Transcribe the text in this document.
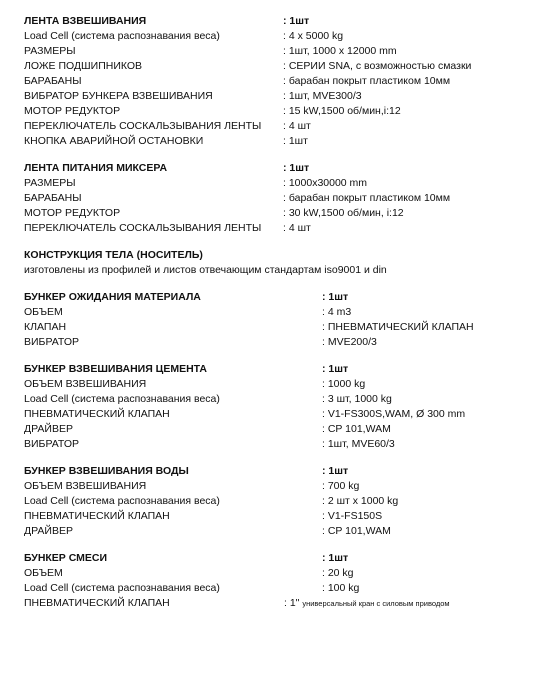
ЛЕНТА ВЗВЕШИВАНИЯ	: 1шт
Load Cell (система распознавания веса)	: 4 x 5000 kg
РАЗМЕРЫ	: 1шт, 1000 x 12000 mm
ЛОЖЕ ПОДШИПНИКОВ	: СЕРИИ SNA, с возможностью смазки
БАРАБАНЫ	: барабан покрыт пластиком 10мм
ВИБРАТОР БУНКЕРА ВЗВЕШИВАНИЯ	: 1шт, MVE300/3
МОТОР РЕДУКТОР	: 15 kW,1500 об/мин,i:12
ПЕРЕКЛЮЧАТЕЛЬ СОСКАЛЬЗЫВАНИЯ ЛЕНТЫ : 4 шт
КНОПКА АВАРИЙНОЙ ОСТАНОВКИ	: 1шт
ЛЕНТА ПИТАНИЯ МИКСЕРА	: 1шт
РАЗМЕРЫ	: 1000x30000 mm
БАРАБАНЫ	: барабан покрыт пластиком 10мм
МОТОР РЕДУКТОР	: 30 kW,1500 об/мин, i:12
ПЕРЕКЛЮЧАТЕЛЬ СОСКАЛЬЗЫВАНИЯ ЛЕНТЫ : 4 шт
КОНСТРУКЦИЯ ТЕЛА (НОСИТЕЛЬ)
изготовлены из профилей и листов отвечающим стандартам iso9001 и din
БУНКЕР ОЖИДАНИЯ МАТЕРИАЛА	: 1шт
ОБЪЕМ	: 4 m3
КЛАПАН	: ПНЕВМАТИЧЕСКИЙ КЛАПАН
ВИБРАТОР	: MVE200/3
БУНКЕР ВЗВЕШИВАНИЯ ЦЕМЕНТА	: 1шт
ОБЪЕМ ВЗВЕШИВАНИЯ	: 1000 kg
Load Cell (система распознавания веса)	: 3 шт, 1000 kg
ПНЕВМАТИЧЕСКИЙ КЛАПАН	: V1-FS300S,WAM, Ø 300 mm
ДРАЙВЕР	: CP 101,WAM
ВИБРАТОР	: 1шт, MVE60/3
БУНКЕР ВЗВЕШИВАНИЯ ВОДЫ	: 1шт
ОБЪЕМ ВЗВЕШИВАНИЯ	: 700 kg
Load Cell (система распознавания веса)	: 2 шт x 1000 kg
ПНЕВМАТИЧЕСКИЙ КЛАПАН	: V1-FS150S
ДРАЙВЕР	: CP 101,WAM
БУНКЕР СМЕСИ	: 1шт
ОБЪЕМ	: 20 kg
Load Cell (система распознавания веса)	: 100 kg
ПНЕВМАТИЧЕСКИЙ КЛАПАН	: 1" универсальный кран с силовым приводом
